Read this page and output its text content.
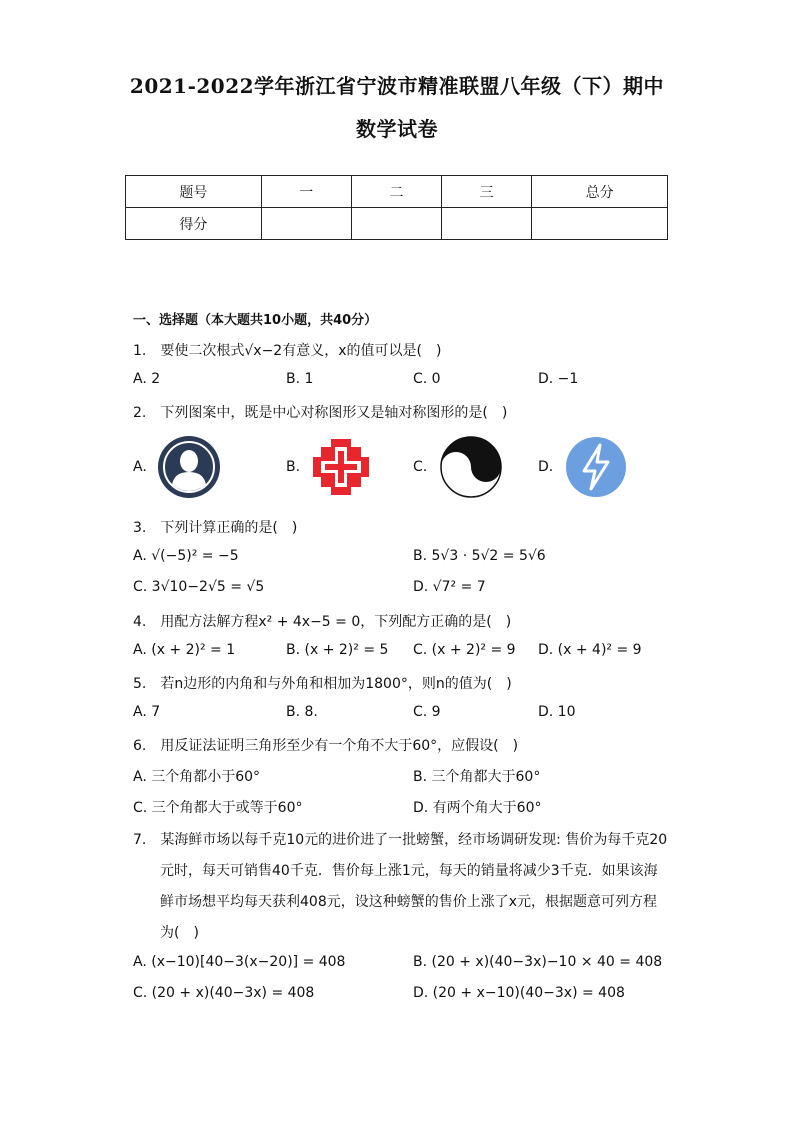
2021-2022学年浙江省宁波市精准联盟八年级（下）期中
数学试卷
题号	一	二	三	总分
得分				
一、选择题（本大题共10小题，共40分）
1.　要使二次根式√x−2有意义，x的值可以是(　)
A. 2	B. 1	C. 0	D. −1
2.　下列图案中，既是中心对称图形又是轴对称图形的是(　)
A.	B.	C.	D.
3.　下列计算正确的是(　)
A. √(−5)² = −5	B. 5√3 · 5√2 = 5√6
C. 3√10−2√5 = √5	D. √7² = 7
4.　用配方法解方程x² + 4x−5 = 0，下列配方正确的是(　)
A. (x + 2)² = 1	B. (x + 2)² = 5 C. (x + 2)² = 9 D. (x + 4)² = 9
5.　若n边形的内角和与外角和相加为1800°，则n的值为(　)
A. 7	B. 8.	C. 9	D. 10
6.　用反证法证明三角形至少有一个角不大于60°，应假设(　)
A. 三个角都小于60°	B. 三个角都大于60°
C. 三个角都大于或等于60°	D. 有两个角大于60°
7.　某海鲜市场以每千克10元的进价进了一批螃蟹，经市场调研发现: 售价为每千克20
元时，每天可销售40千克．售价每上涨1元，每天的销量将减少3千克．如果该海
鲜市场想平均每天获利408元，设这种螃蟹的售价上涨了x元，根据题意可列方程
为(　)
A. (x−10)[40−3(x−20)] = 408	B. (20 + x)(40−3x)−10 × 40 = 408
C. (20 + x)(40−3x) = 408	D. (20 + x−10)(40−3x) = 408
